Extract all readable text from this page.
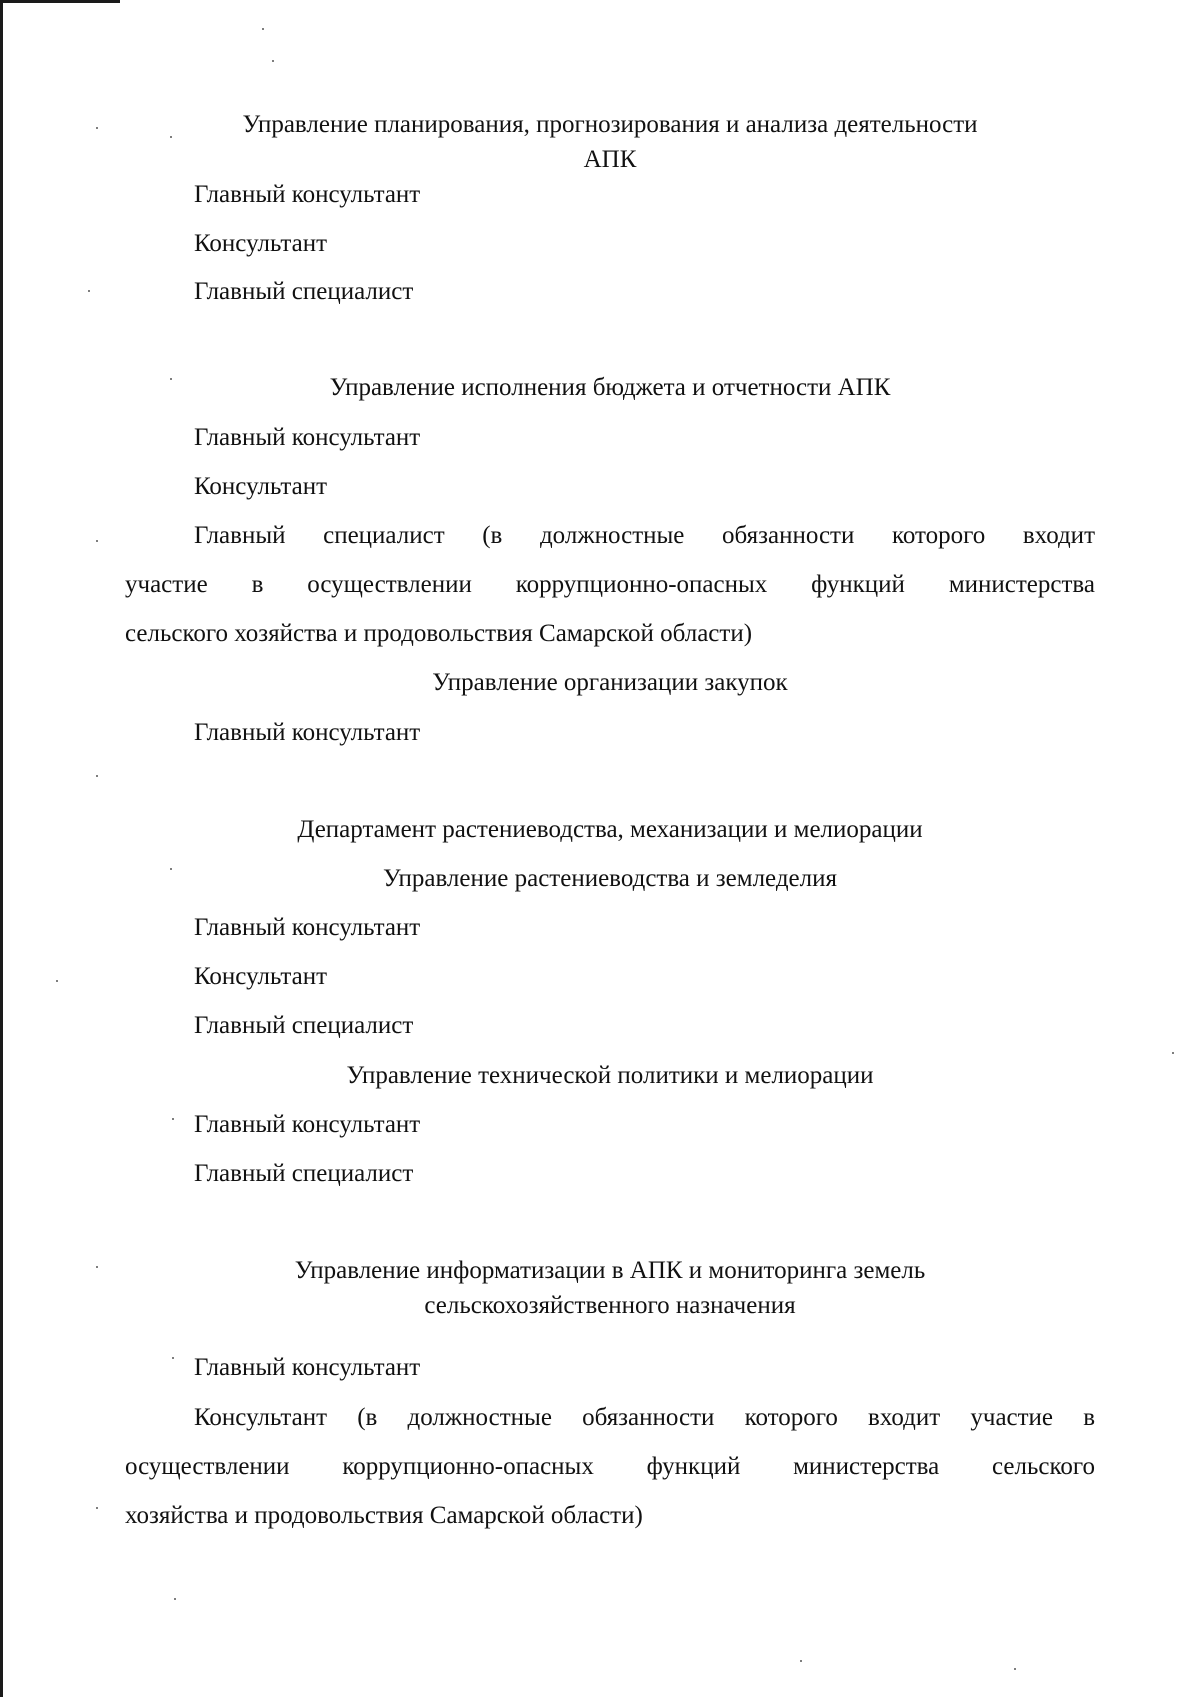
Управление планирования, прогнозирования и анализа деятельности
АПК
Главный консультант
Консультант
Главный специалист
Управление исполнения бюджета и отчетности АПК
Главный консультант
Консультант
Главный специалист (в должностные обязанности которого входит
участие в осуществлении коррупционно-опасных функций министерства
сельского хозяйства и продовольствия Самарской области)
Управление организации закупок
Главный консультант
Департамент растениеводства, механизации и мелиорации
Управление растениеводства и земледелия
Главный консультант
Консультант
Главный специалист
Управление технической политики и мелиорации
Главный консультант
Главный специалист
Управление информатизации в АПК и мониторинга земель
сельскохозяйственного назначения
Главный консультант
Консультант (в должностные обязанности которого входит участие в
осуществлении коррупционно-опасных функций министерства сельского
хозяйства и продовольствия Самарской области)
